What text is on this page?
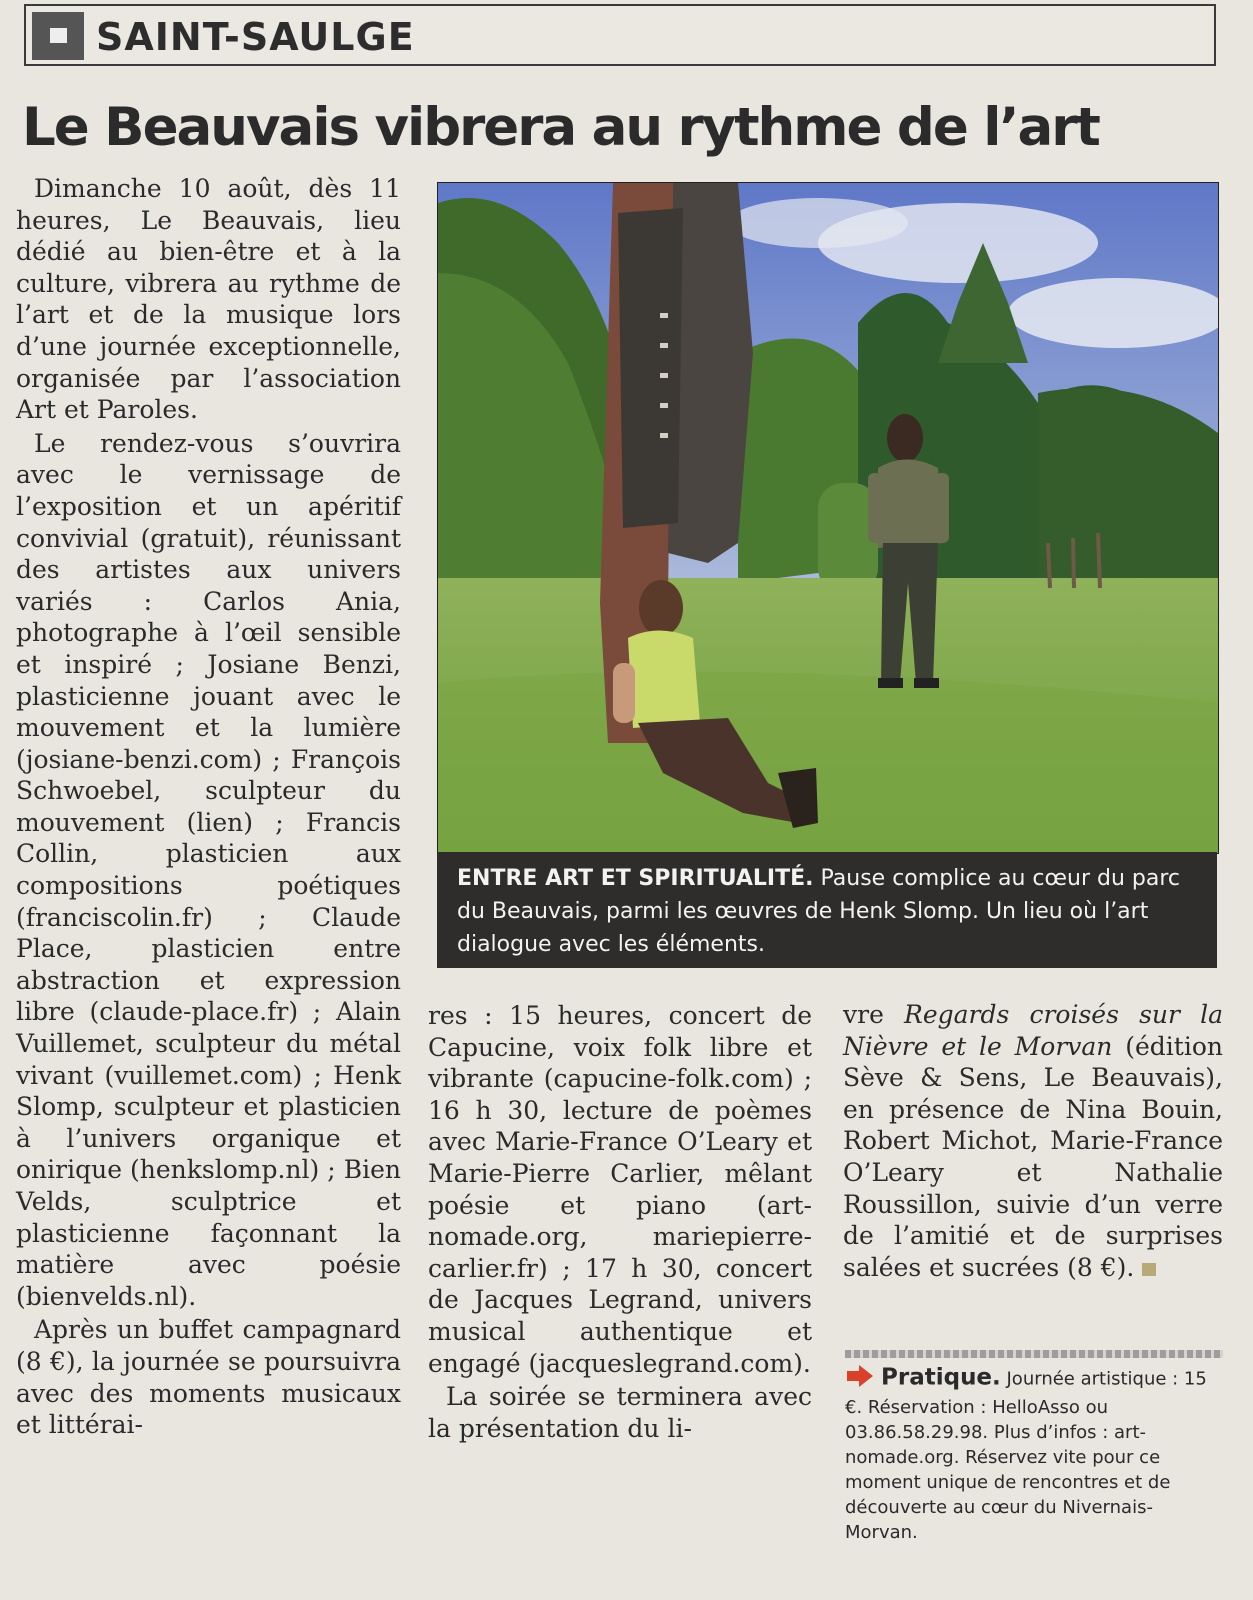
SAINT-SAULGE
Le Beauvais vibrera au rythme de l’art

Dimanche 10 août, dès 11 heures, Le Beauvais, lieu dédié au bien-être et à la culture, vibrera au rythme de l’art et de la musique lors d’une journée exceptionnelle, organisée par l’association Art et Paroles.

Le rendez-vous s’ouvrira avec le vernissage de l’exposition et un apéritif convivial (gratuit), réunissant des artistes aux univers variés : Carlos Ania, photographe à l’œil sensible et inspiré ; Josiane Benzi, plasticienne jouant avec le mouvement et la lumière (josiane-benzi.com) ; François Schwoebel, sculpteur du mouvement (lien) ; Francis Collin, plasticien aux compositions poétiques (franciscolin.fr) ; Claude Place, plasticien entre abstraction et expression libre (claude-place.fr) ; Alain Vuillemet, sculpteur du métal vivant (vuillemet.com) ; Henk Slomp, sculpteur et plasticien à l’univers organique et onirique (henkslomp.nl) ; Bien Velds, sculptrice et plasticienne façonnant la matière avec poésie (bienvelds.nl).

Après un buffet campagnard (8 €), la journée se poursuivra avec des moments musicaux et littérai-

ENTRE ART ET SPIRITUALITÉ. Pause complice au cœur du parc du Beauvais, parmi les œuvres de Henk Slomp. Un lieu où l’art dialogue avec les éléments.

res : 15 heures, concert de Capucine, voix folk libre et vibrante (capucine-folk.com) ; 16 h 30, lecture de poèmes avec Marie-France O’Leary et Marie-Pierre Carlier, mêlant poésie et piano (art-nomade.org, mariepierre-carlier.fr) ; 17 h 30, concert de Jacques Legrand, univers musical authentique et engagé (jacqueslegrand.com).

La soirée se terminera avec la présentation du li-

vre Regards croisés sur la Nièvre et le Morvan (édition Sève & Sens, Le Beauvais), en présence de Nina Bouin, Robert Michot, Marie-France O’Leary et Nathalie Roussillon, suivie d’un verre de l’amitié et de surprises salées et sucrées (8 €).

Pratique. Journée artistique : 15 €. Réservation : HelloAsso ou 03.86.58.29.98. Plus d’infos : art-nomade.org. Réservez vite pour ce moment unique de rencontres et de découverte au cœur du Nivernais-Morvan.
